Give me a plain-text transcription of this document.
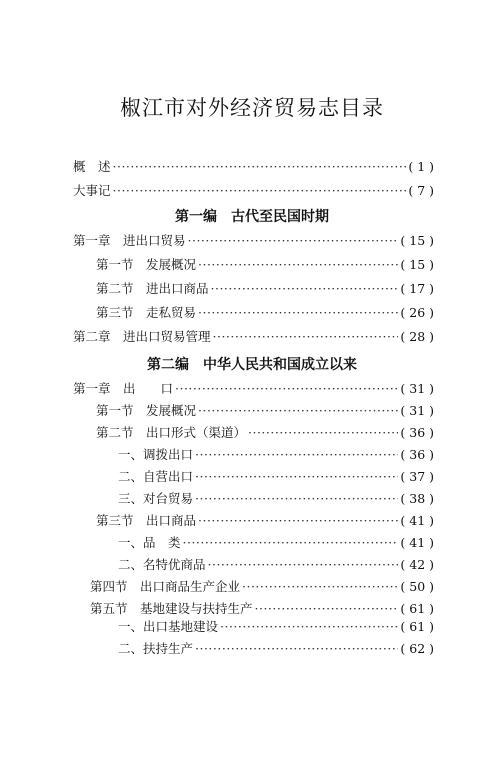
椒江市对外经济贸易志目录
概　述 ·····	( 1 )
大事记 ·····	( 7 )
第一编　古代至民国时期
第一章　进出口贸易 ·····	( 15 )
第一节　发展概况 ·····	( 15 )
第二节　进出口商品 ·····	( 17 )
第三节　走私贸易 ·····	( 26 )
第二章　进出口贸易管理 ·····	( 28 )
第二编　中华人民共和国成立以来
第一章　出　　口 ·····	( 31 )
第一节　发展概况 ·····	( 31 )
第二节　出口形式（渠道） ·····	( 36 )
一、调拨出口 ·····	( 36 )
二、自营出口 ·····	( 37 )
三、对台贸易 ·····	( 38 )
第三节　出口商品 ·····	( 41 )
一、品　类 ·····	( 41 )
二、名特优商品 ·····	( 42 )
第四节　出口商品生产企业 ·····	( 50 )
第五节　基地建设与扶持生产 ·····	( 61 )
一、出口基地建设 ·····	( 61 )
二、扶持生产 ·····	( 62 )
